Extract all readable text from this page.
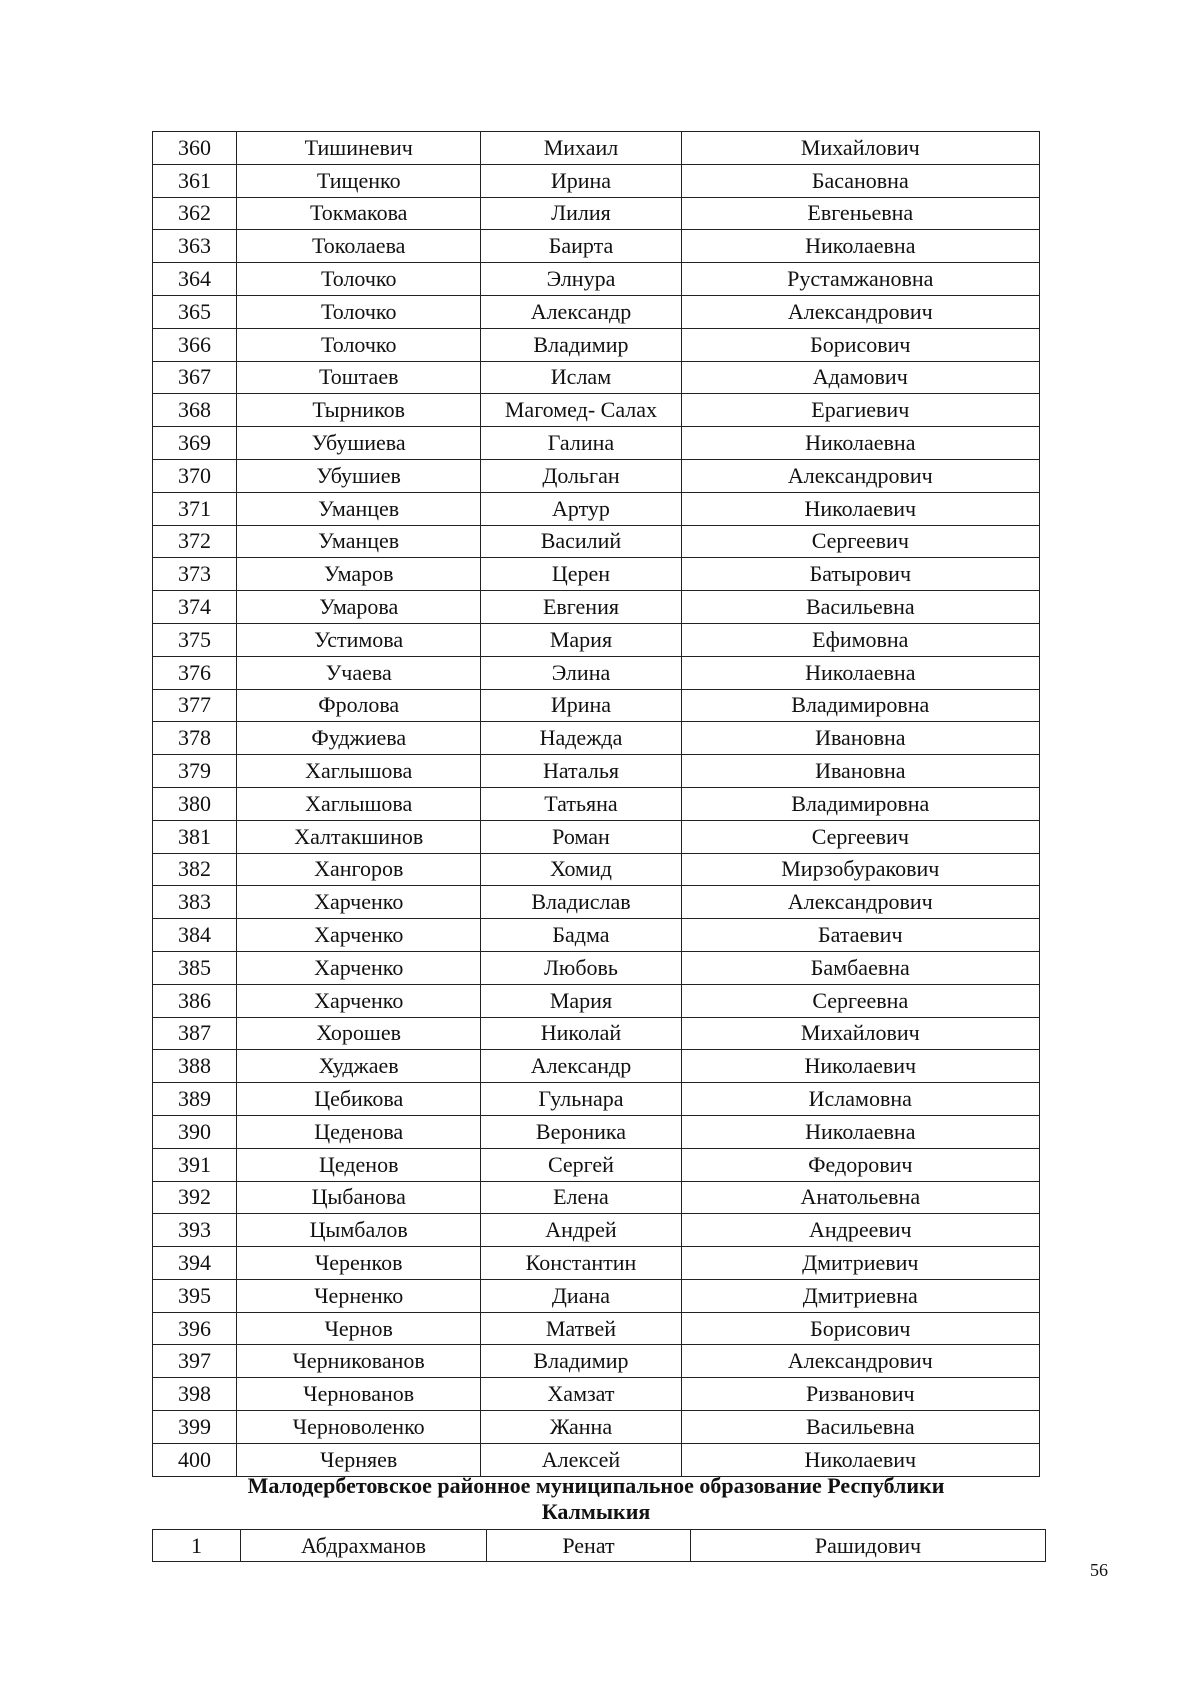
360	Тишиневич	Михаил	Михайлович
361	Тищенко	Ирина	Басановна
362	Токмакова	Лилия	Евгеньевна
363	Токолаева	Баирта	Николаевна
364	Толочко	Элнура	Рустамжановна
365	Толочко	Александр	Александрович
366	Толочко	Владимир	Борисович
367	Тоштаев	Ислам	Адамович
368	Тырников	Магомед- Салах	Ерагиевич
369	Убушиева	Галина	Николаевна
370	Убушиев	Дольган	Александрович
371	Уманцев	Артур	Николаевич
372	Уманцев	Василий	Сергеевич
373	Умаров	Церен	Батырович
374	Умарова	Евгения	Васильевна
375	Устимова	Мария	Ефимовна
376	Учаева	Элина	Николаевна
377	Фролова	Ирина	Владимировна
378	Фуджиева	Надежда	Ивановна
379	Хаглышова	Наталья	Ивановна
380	Хаглышова	Татьяна	Владимировна
381	Халтакшинов	Роман	Сергеевич
382	Хангоров	Хомид	Мирзобуракович
383	Харченко	Владислав	Александрович
384	Харченко	Бадма	Батаевич
385	Харченко	Любовь	Бамбаевна
386	Харченко	Мария	Сергеевна
387	Хорошев	Николай	Михайлович
388	Худжаев	Александр	Николаевич
389	Цебикова	Гульнара	Исламовна
390	Цеденова	Вероника	Николаевна
391	Цеденов	Сергей	Федорович
392	Цыбанова	Елена	Анатольевна
393	Цымбалов	Андрей	Андреевич
394	Черенков	Константин	Дмитриевич
395	Черненко	Диана	Дмитриевна
396	Чернов	Матвей	Борисович
397	Черникованов	Владимир	Александрович
398	Чернованов	Хамзат	Ризванович
399	Черноволенко	Жанна	Васильевна
400	Черняев	Алексей	Николаевич
Малодербетовское районное муниципальное образование Республики
Калмыкия
1	Абдрахманов	Ренат	Рашидович
56
